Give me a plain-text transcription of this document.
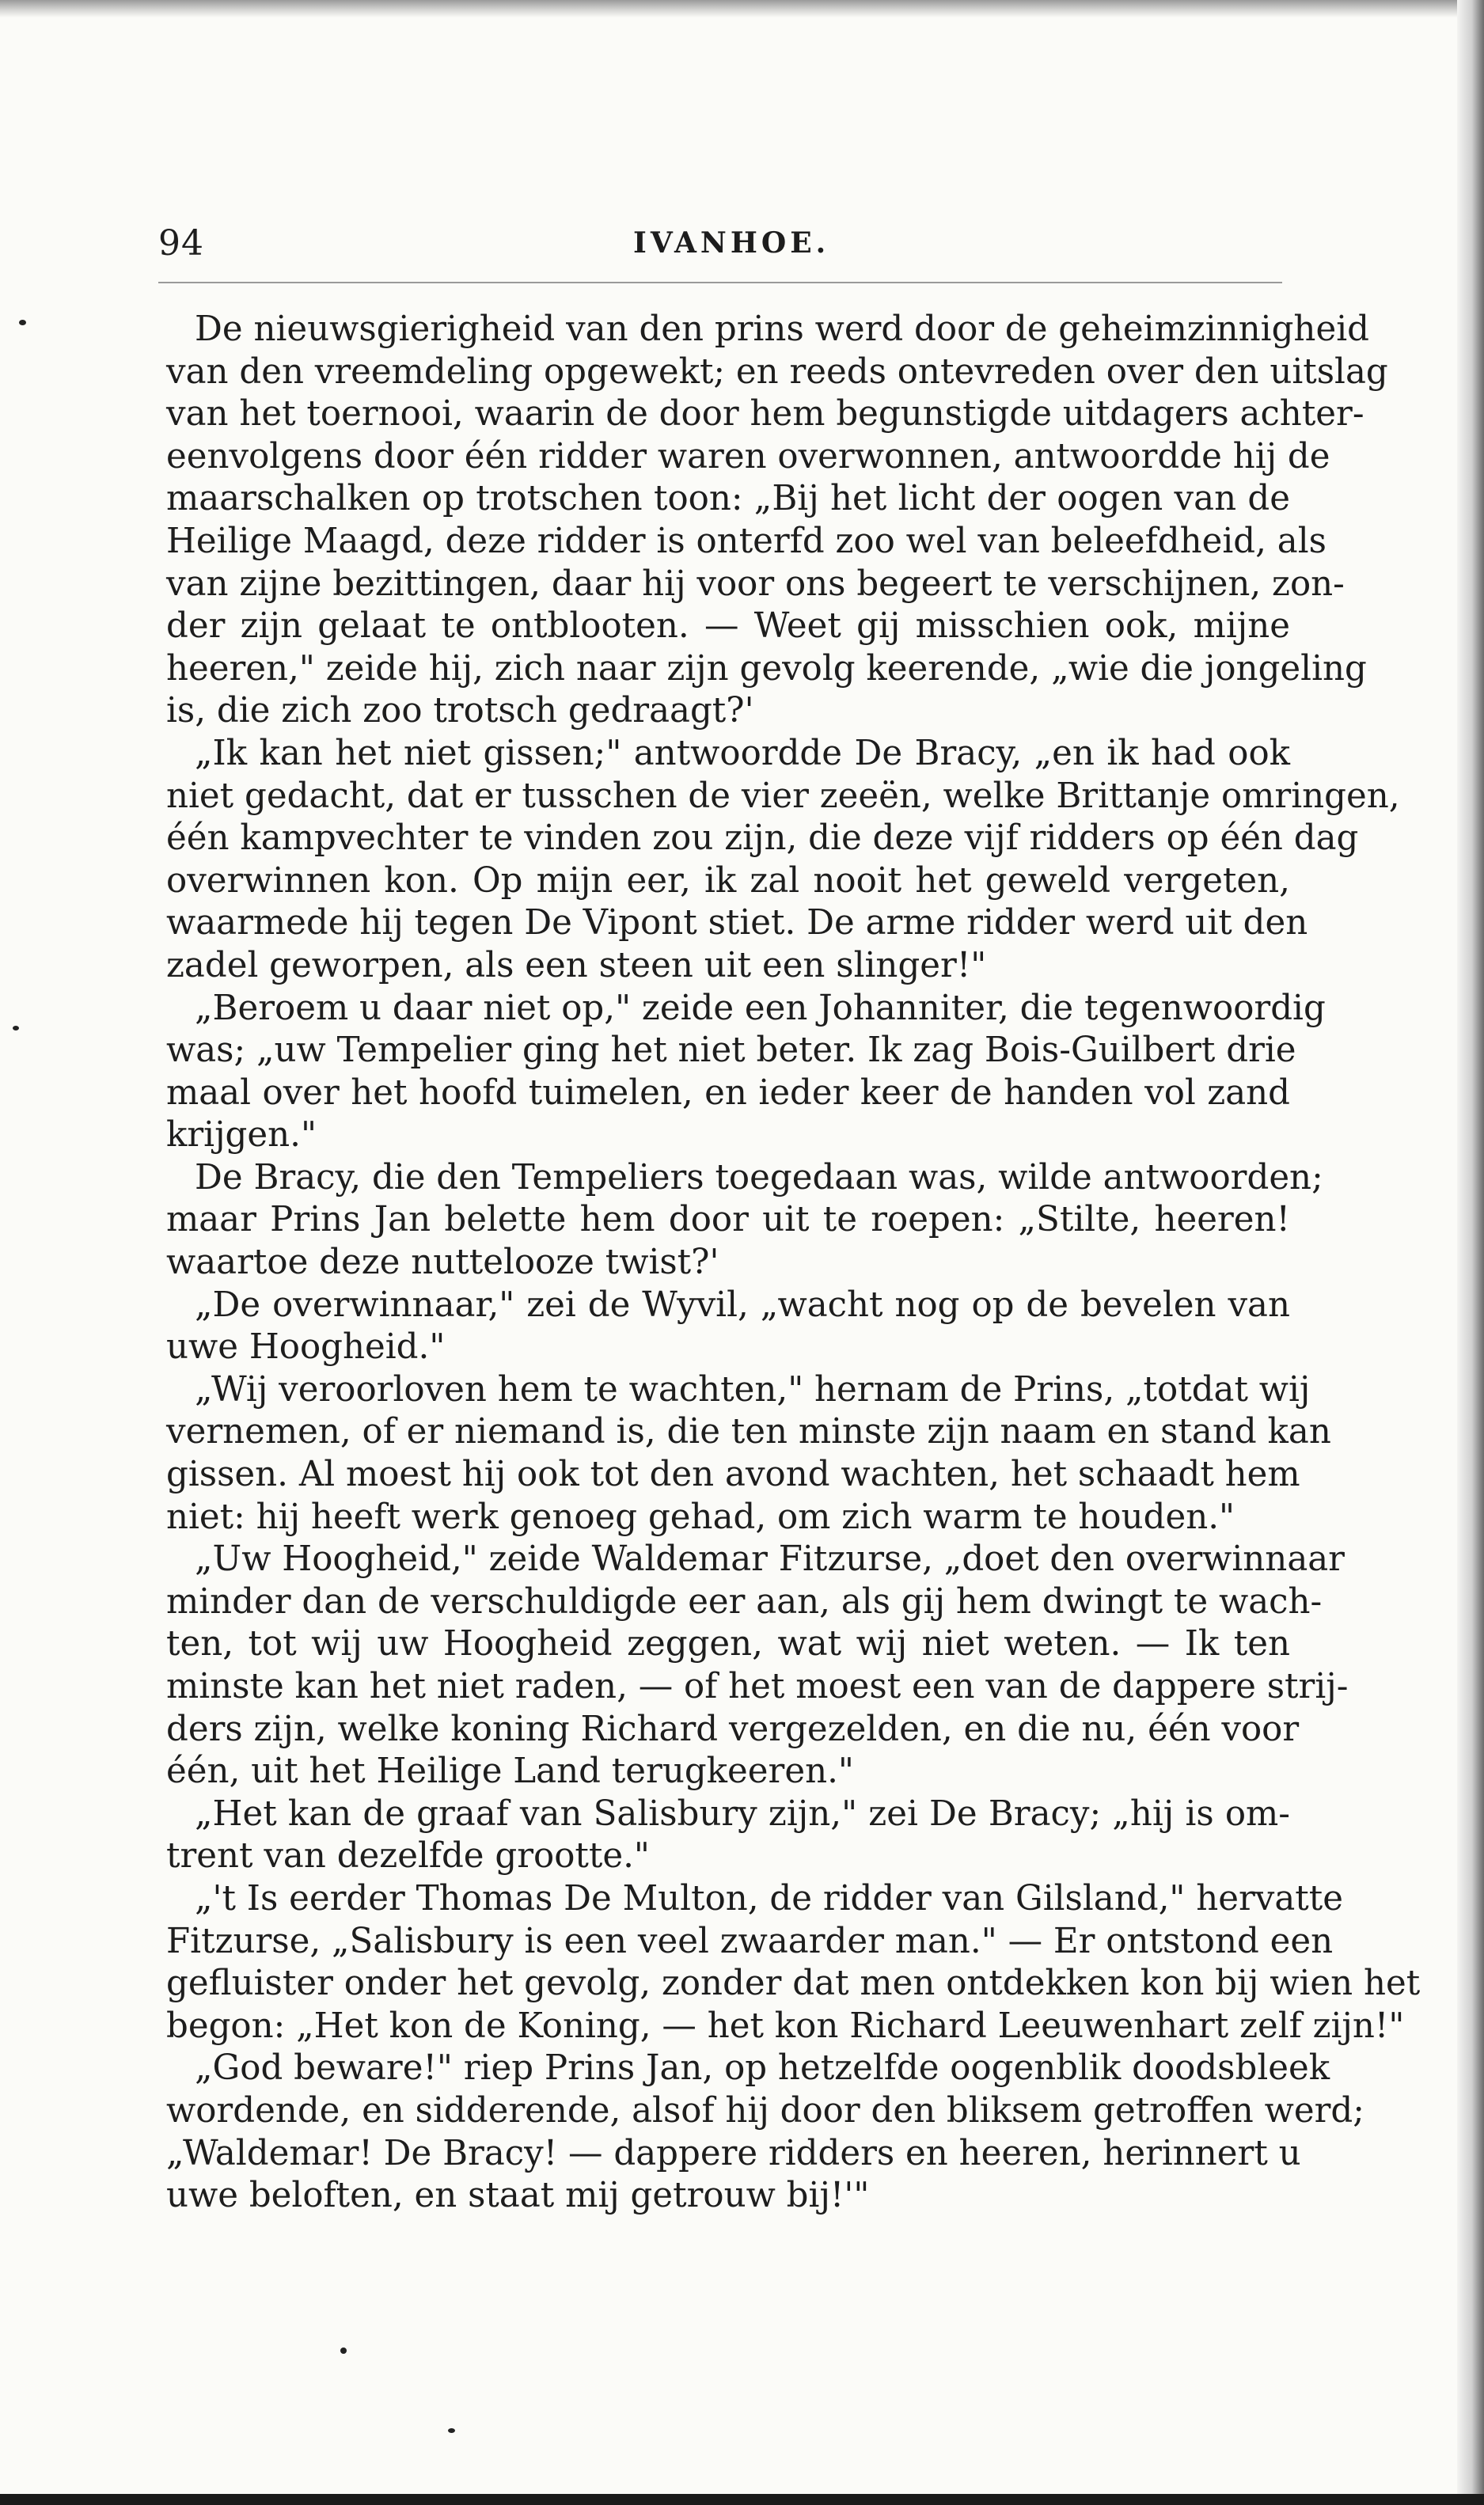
94	IVANHOE.
De nieuwsgierigheid van den prins werd door de geheimzinnigheid
van den vreemdeling opgewekt; en reeds ontevreden over den uitslag
van het toernooi, waarin de door hem begunstigde uitdagers achter-
eenvolgens door één ridder waren overwonnen, antwoordde hij de
maarschalken op trotschen toon: „Bij het licht der oogen van de
Heilige Maagd, deze ridder is onterfd zoo wel van beleefdheid, als
van zijne bezittingen, daar hij voor ons begeert te verschijnen, zon-
der zijn gelaat te ontblooten. — Weet gij misschien ook, mijne
heeren," zeide hij, zich naar zijn gevolg keerende, „wie die jongeling
is, die zich zoo trotsch gedraagt?'
„Ik kan het niet gissen;" antwoordde De Bracy, „en ik had ook
niet gedacht, dat er tusschen de vier zeeën, welke Brittanje omringen,
één kampvechter te vinden zou zijn, die deze vijf ridders op één dag
overwinnen kon. Op mijn eer, ik zal nooit het geweld vergeten,
waarmede hij tegen De Vipont stiet. De arme ridder werd uit den
zadel geworpen, als een steen uit een slinger!"
„Beroem u daar niet op," zeide een Johanniter, die tegenwoordig
was; „uw Tempelier ging het niet beter. Ik zag Bois-Guilbert drie
maal over het hoofd tuimelen, en ieder keer de handen vol zand
krijgen."
De Bracy, die den Tempeliers toegedaan was, wilde antwoorden;
maar Prins Jan belette hem door uit te roepen: „Stilte, heeren!
waartoe deze nuttelooze twist?'
„De overwinnaar," zei de Wyvil, „wacht nog op de bevelen van
uwe Hoogheid."
„Wij veroorloven hem te wachten," hernam de Prins, „totdat wij
vernemen, of er niemand is, die ten minste zijn naam en stand kan
gissen. Al moest hij ook tot den avond wachten, het schaadt hem
niet: hij heeft werk genoeg gehad, om zich warm te houden."
„Uw Hoogheid," zeide Waldemar Fitzurse, „doet den overwinnaar
minder dan de verschuldigde eer aan, als gij hem dwingt te wach-
ten, tot wij uw Hoogheid zeggen, wat wij niet weten. — Ik ten
minste kan het niet raden, — of het moest een van de dappere strij-
ders zijn, welke koning Richard vergezelden, en die nu, één voor
één, uit het Heilige Land terugkeeren."
„Het kan de graaf van Salisbury zijn," zei De Bracy; „hij is om-
trent van dezelfde grootte."
„'t Is eerder Thomas De Multon, de ridder van Gilsland," hervatte
Fitzurse, „Salisbury is een veel zwaarder man." — Er ontstond een
gefluister onder het gevolg, zonder dat men ontdekken kon bij wien het
begon: „Het kon de Koning, — het kon Richard Leeuwenhart zelf zijn!"
„God beware!" riep Prins Jan, op hetzelfde oogenblik doodsbleek
wordende, en sidderende, alsof hij door den bliksem getroffen werd;
„Waldemar! De Bracy! — dappere ridders en heeren, herinnert u
uwe beloften, en staat mij getrouw bij!'"
